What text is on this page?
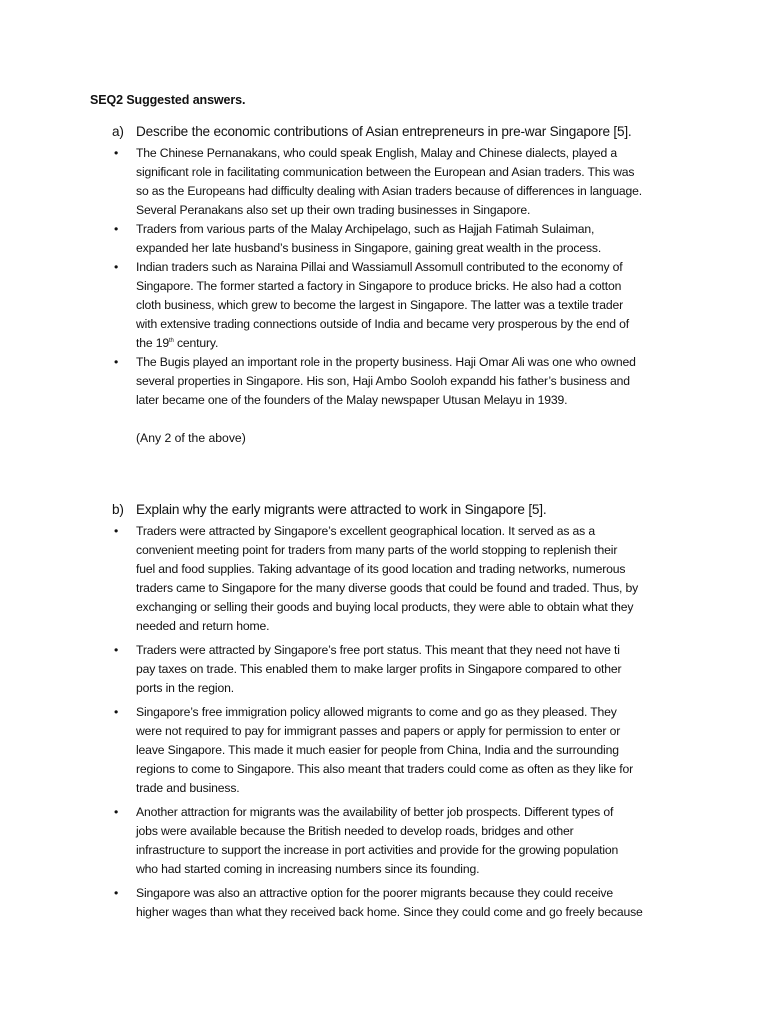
SEQ2 Suggested answers.
a) Describe the economic contributions of Asian entrepreneurs in pre-war Singapore [5].
•	The Chinese Pernanakans, who could speak English, Malay and Chinese dialects, played a
significant role in facilitating communication between the European and Asian traders. This was
so as the Europeans had difficulty dealing with Asian traders because of differences in language.
Several Peranakans also set up their own trading businesses in Singapore.
•	Traders from various parts of the Malay Archipelago, such as Hajjah Fatimah Sulaiman,
expanded her late husband’s business in Singapore, gaining great wealth in the process.
•	Indian traders such as Naraina Pillai and Wassiamull Assomull contributed to the economy of
Singapore. The former started a factory in Singapore to produce bricks. He also had a cotton
cloth business, which grew to become the largest in Singapore. The latter was a textile trader
with extensive trading connections outside of India and became very prosperous by the end of
the 19th century.
•	The Bugis played an important role in the property business. Haji Omar Ali was one who owned
several properties in Singapore. His son, Haji Ambo Sooloh expandd his father’s business and
later became one of the founders of the Malay newspaper Utusan Melayu in 1939.
(Any 2 of the above)
b) Explain why the early migrants were attracted to work in Singapore [5].
•	Traders were attracted by Singapore’s excellent geographical location. It served as as a
convenient meeting point for traders from many parts of the world stopping to replenish their
fuel and food supplies. Taking advantage of its good location and trading networks, numerous
traders came to Singapore for the many diverse goods that could be found and traded. Thus, by
exchanging or selling their goods and buying local products, they were able to obtain what they
needed and return home.
•	Traders were attracted by Singapore’s free port status. This meant that they need not have ti
pay taxes on trade. This enabled them to make larger profits in Singapore compared to other
ports in the region.
•	Singapore’s free immigration policy allowed migrants to come and go as they pleased. They
were not required to pay for immigrant passes and papers or apply for permission to enter or
leave Singapore. This made it much easier for people from China, India and the surrounding
regions to come to Singapore. This also meant that traders could come as often as they like for
trade and business.
•	Another attraction for migrants was the availability of better job prospects. Different types of
jobs were available because the British needed to develop roads, bridges and other
infrastructure to support the increase in port activities and provide for the growing population
who had started coming in increasing numbers since its founding.
•	Singapore was also an attractive option for the poorer migrants because they could receive
higher wages than what they received back home. Since they could come and go freely because
